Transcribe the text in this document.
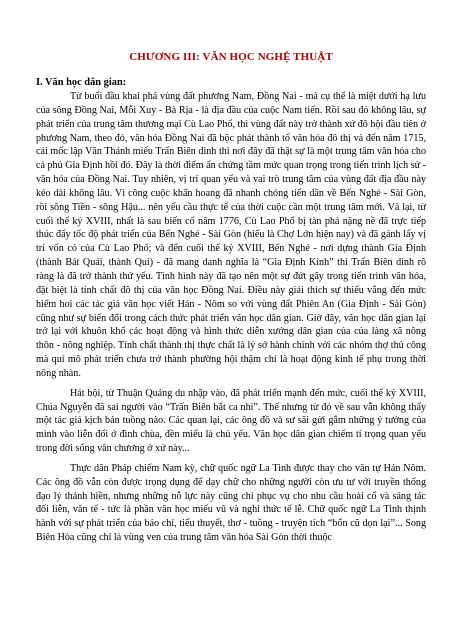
CHƯƠNG III: VĂN HỌC NGHỆ THUẬT
I. Văn học dân gian:

Từ buổi đầu khai phá vùng đất phương Nam, Đồng Nai - mà cụ thể là miệt dưới hạ lưu của sông Đồng Nai, Mỗi Xuy - Bà Rịa - là địa đầu của cuộc Nam tiến. Rồi sau đó không lâu, sự phát triển của trung tâm thương mại Cù Lao Phố, thì vùng đất này trở thành xứ đô hội đầu tiên ở phương Nam, theo đó, văn hóa Đồng Nai đã bộc phát thành tố văn hóa đô thị và đến năm 1715, cái mốc lập Văn Thánh miếu Trấn Biên dinh thì nơi đây đã thật sự là một trung tâm văn hóa cho cả phủ Gia Định hồi đó. Đây là thời điểm ẩn chứng tầm mức quan trọng trong tiến trình lịch sử - văn hóa của Đồng Nai. Tuy nhiên, vị trí quan yếu và vai trò trung tâm của vùng đất địa đầu này kéo dài không lâu. Vì công cuộc khẩn hoang đã nhanh chóng tiến dần về Bến Nghé - Sài Gòn, rồi sông Tiền - sông Hậu... nên yếu cầu thực tế của thời cuộc cần một trung tâm mới. Và lại, từ cuối thế kỷ XVIII, nhất là sau biến cố năm 1776, Cù Lao Phố bị tàn phá nặng nề đã trực tiếp thúc đẩy tốc độ phát triển của Bến Nghé - Sài Gòn (hiểu là Chợ Lớn hiện nay) và đã gánh lấy vị trí vốn có của Cù Lao Phố; và đến cuối thế kỷ XVIII, Bến Nghé - nơi dựng thành Gia Định (thành Bát Quái, thành Qui) - đã mang danh nghĩa là “Gia Định Kinh” thì Trấn Biên dinh rõ ràng là đã trở thành thứ yếu. Tình hình này đã tạo nên một sự đứt gãy trong tiến trình văn hóa, đặt biệt là tính chất đô thị của văn học Đồng Nai. Điều này giải thích sự thiếu vắng đến mức hiếm hoi các tác giả văn học viết Hán - Nôm so với vùng đất Phiên An (Gia Định - Sài Gòn) cũng như sự biến đổi trong cách thức phát triển văn học dân gian. Giờ đây, văn học dân gian lại trở lại với khuôn khổ các hoạt động và hình thức diễn xướng dân gian của của làng xã nông thôn - nông nghiệp. Tính chất thành thị thực chất là lý sở hành chính với các nhóm thợ thủ công mà quí mô phát triển chưa trở thành phường hội thậm chí là hoạt động kinh tế phụ trong thời nông nhàn.

Hát bội, từ Thuận Quảng du nhập vào, đã phát triển mạnh đến mức, cuối thế kỷ XVIII, Chúa Nguyễn đã sai người vào “Trấn Biên bắt ca nhi”. Thế nhưng từ đó về sau vẫn không thấy một tác giả kịch bản tuồng nào. Các quan lại, các ông đồ và sư sãi gửi gắm những ý tưởng của mình vào liễn đối ở đình chùa, đền miếu là chủ yếu. Văn học dân gian chiếm tỉ trọng quan yếu trong đời sống văn chương ở xứ này...

Thực dân Pháp chiếm Nam kỳ, chữ quốc ngữ La Tinh được thay cho văn tự Hán Nôm. Các ông đồ vẫn còn được trọng dụng để dạy chữ cho những người còn ưu tư với truyền thống đạo lý thánh hiền, nhưng những nỗ lực này cũng chỉ phục vụ cho nhu cầu hoài cổ và sáng tác đối liễn, văn tế - tức là phần văn học miếu vũ và nghi thức tế lễ. Chữ quốc ngữ La Tinh thịnh hành với sự phát triển của báo chí, tiểu thuyết, thơ - tuồng - truyện tích “bổn cũ dọn lại”... Song Biên Hòa cũng chỉ là vùng ven của trung tâm văn hóa Sài Gòn thời thuộc
